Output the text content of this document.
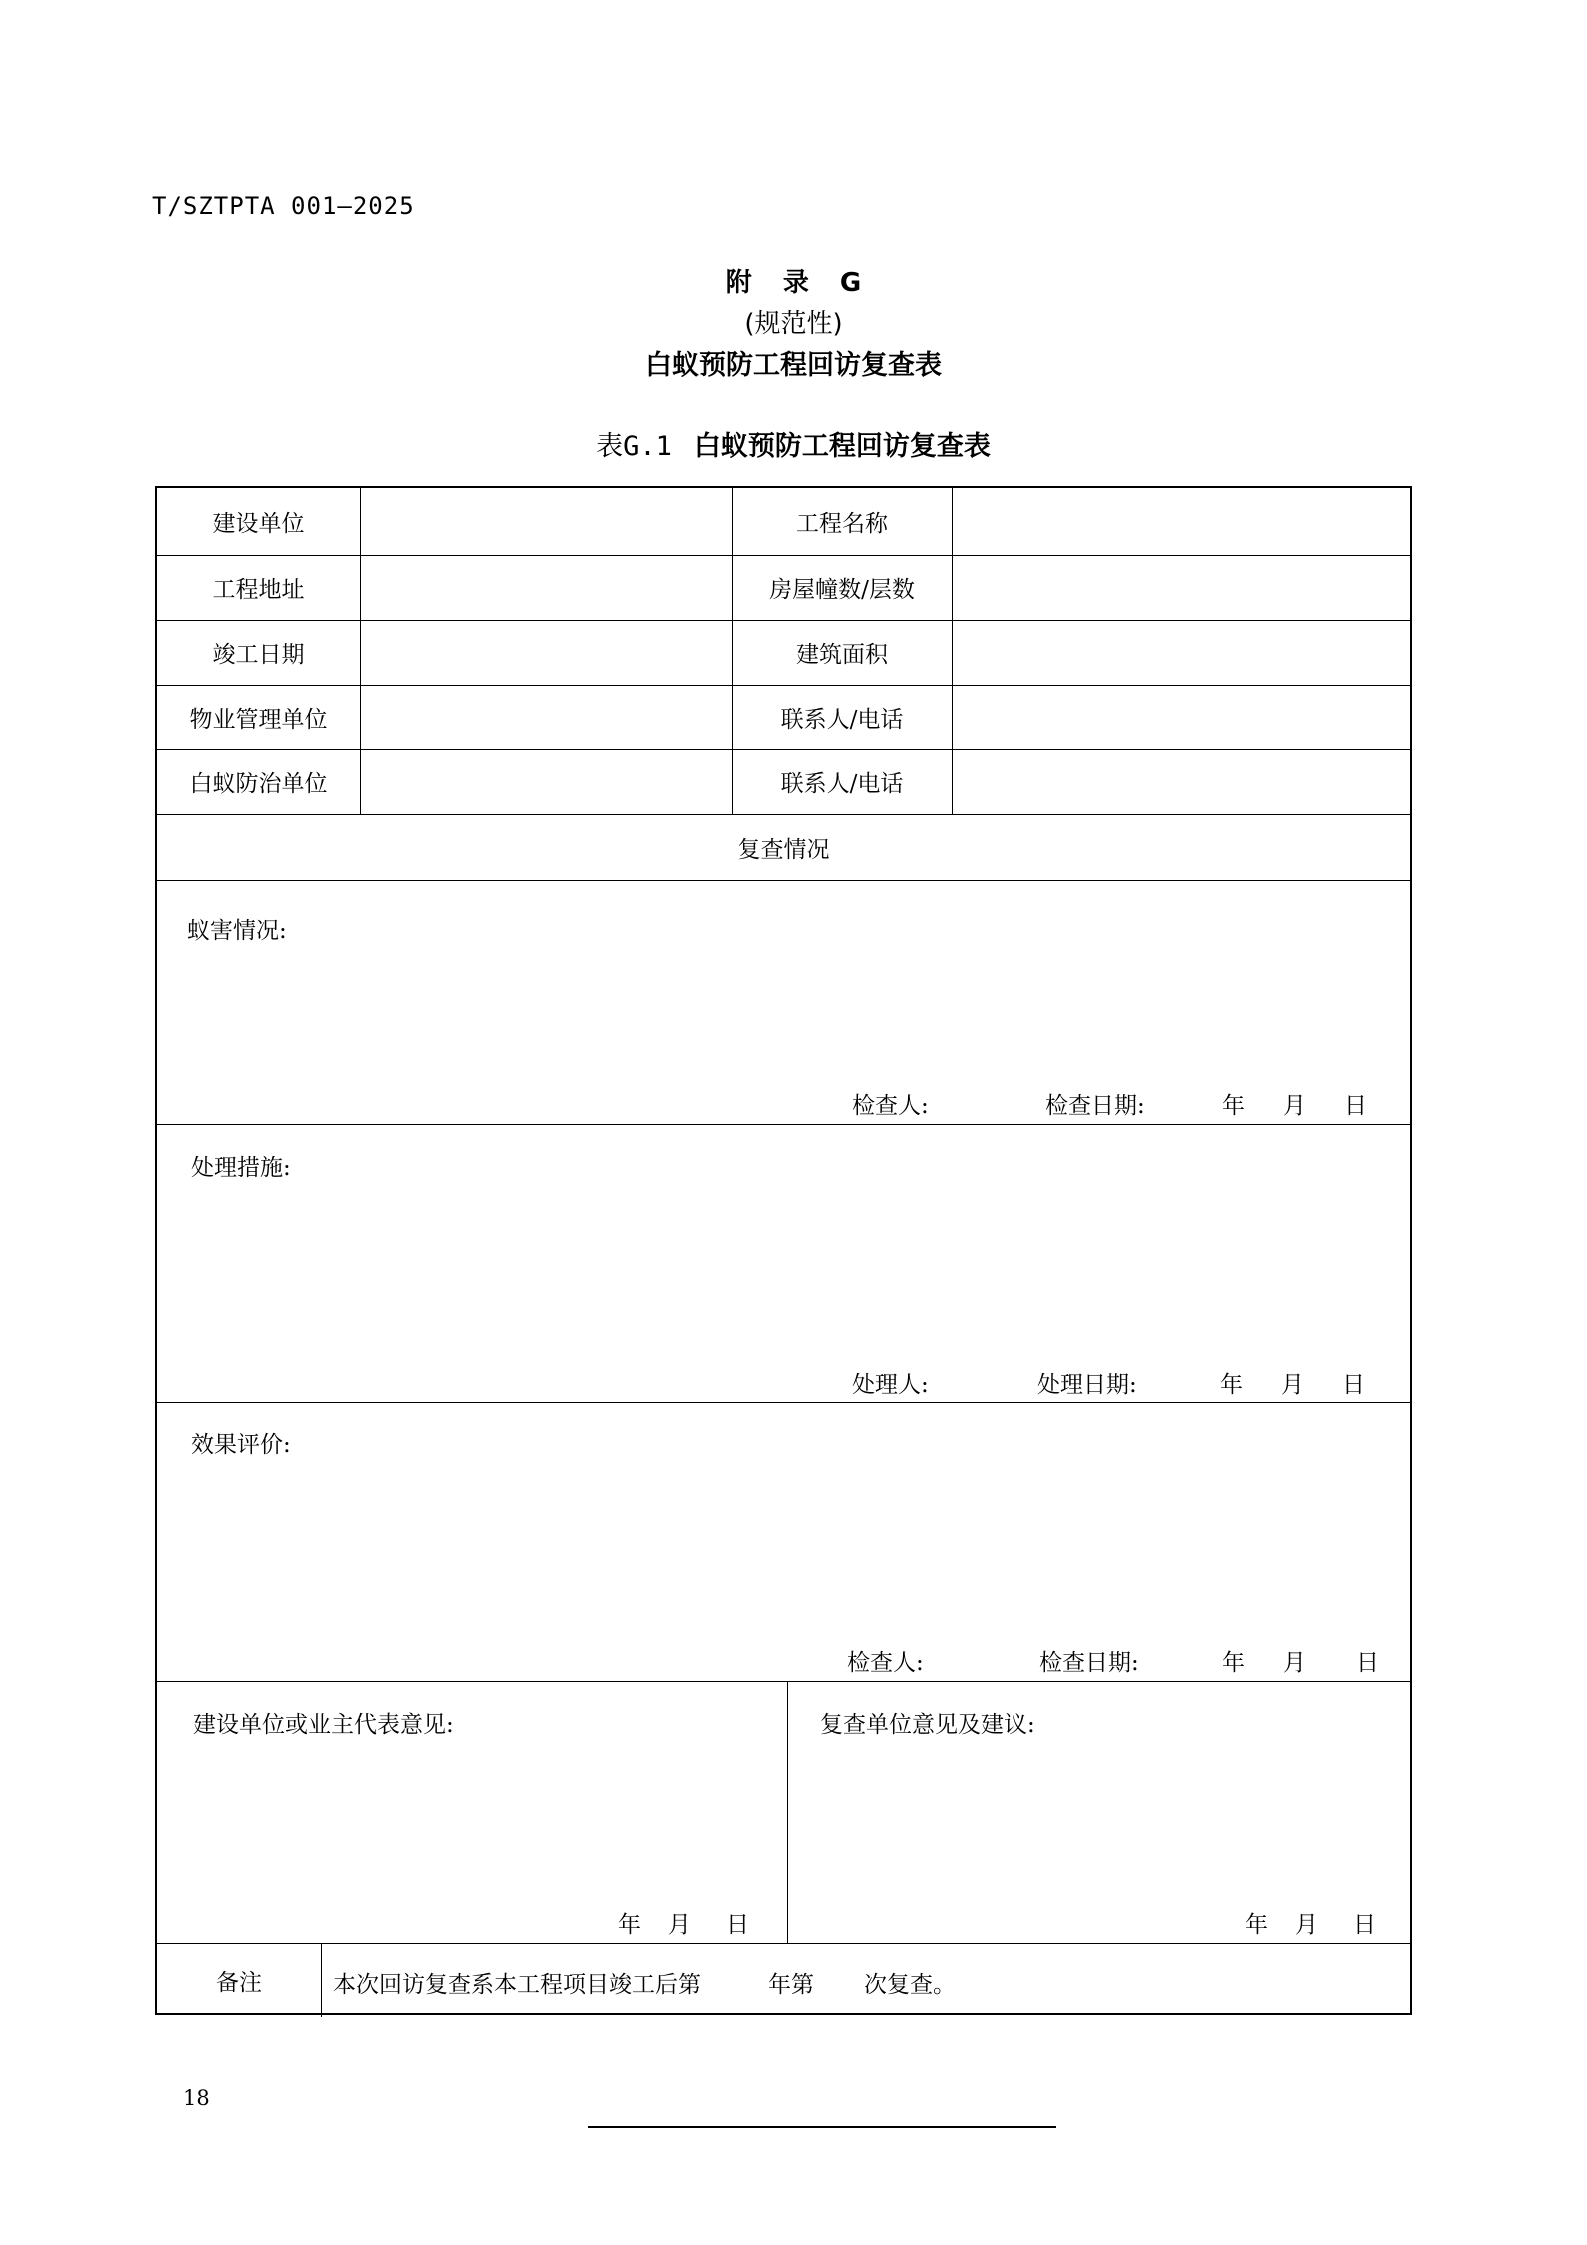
T/SZTPTA 001—2025
附 录 G
(规范性)
白蚁预防工程回访复查表
表G.1 白蚁预防工程回访复查表
建设单位	工程名称
工程地址	房屋幢数/层数
竣工日期	建筑面积
物业管理单位	联系人/电话
白蚁防治单位	联系人/电话
复查情况
蚁害情况:
检查人:	检查日期:	年 月 日
处理措施:
处理人:	处理日期:	年 月 日
效果评价:
检查人:	检查日期:	年 月 日
建设单位或业主代表意见:	复查单位意见及建议:
年 月 日	年 月 日
备注	本次回访复查系本工程项目竣工后第	年第 次复查。
18
